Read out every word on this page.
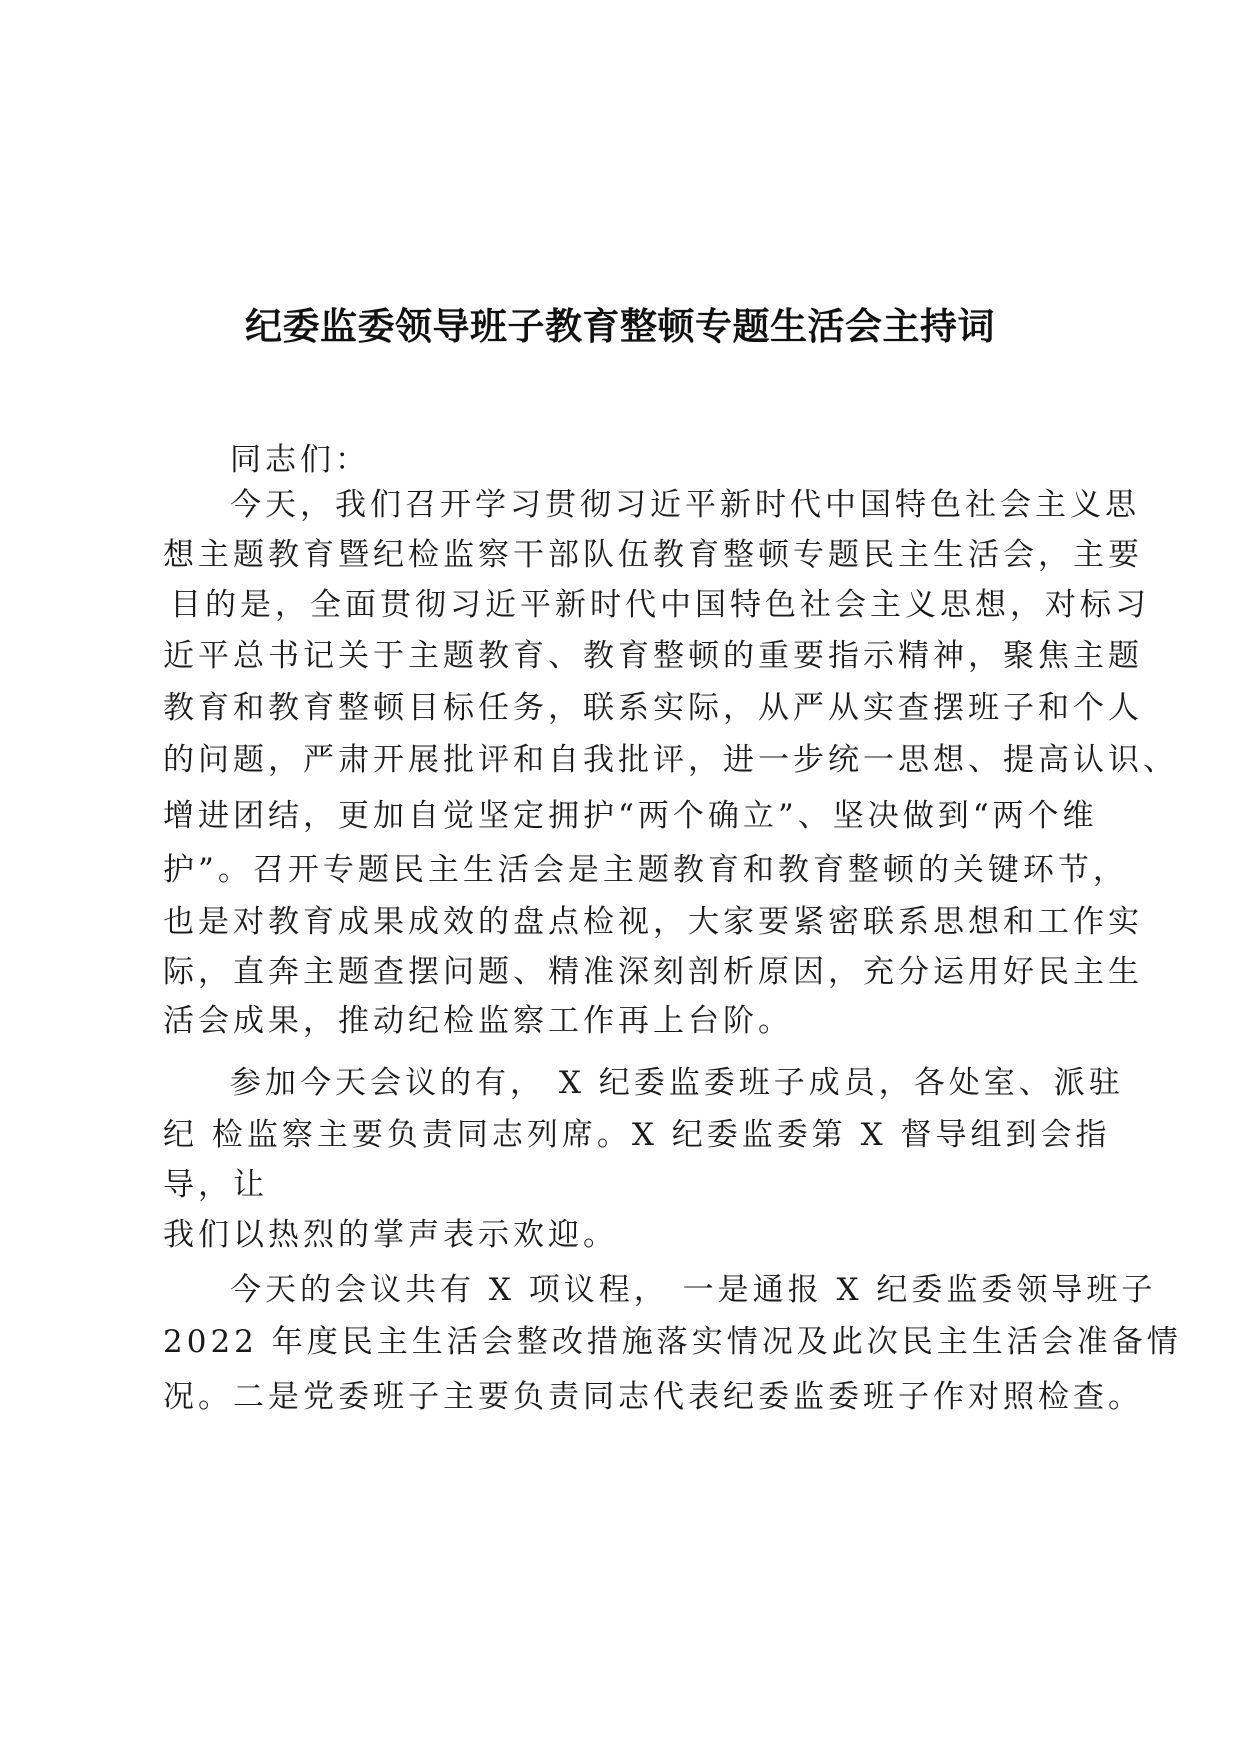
纪委监委领导班子教育整顿专题生活会主持词
同志们：
今天，我们召开学习贯彻习近平新时代中国特色社会主义思
想主题教育暨纪检监察干部队伍教育整顿专题民主生活会，主要
目的是，全面贯彻习近平新时代中国特色社会主义思想，对标习
近平总书记关于主题教育、教育整顿的重要指示精神，聚焦主题
教育和教育整顿目标任务，联系实际，从严从实查摆班子和个人
的问题，严肃开展批评和自我批评，进一步统一思想、提高认识、
增进团结，更加自觉坚定拥护“两个确立”、坚决做到“两个维
护”。召开专题民主生活会是主题教育和教育整顿的关键环节，
也是对教育成果成效的盘点检视，大家要紧密联系思想和工作实
际，直奔主题查摆问题、精准深刻剖析原因，充分运用好民主生
活会成果，推动纪检监察工作再上台阶。
参加今天会议的有， X 纪委监委班子成员，各处室、派驻
纪 检监察主要负责同志列席。X 纪委监委第 X 督导组到会指
导，让
我们以热烈的掌声表示欢迎。
今天的会议共有 X 项议程， 一是通报 X 纪委监委领导班子
2022 年度民主生活会整改措施落实情况及此次民主生活会准备情
况。二是党委班子主要负责同志代表纪委监委班子作对照检查。
